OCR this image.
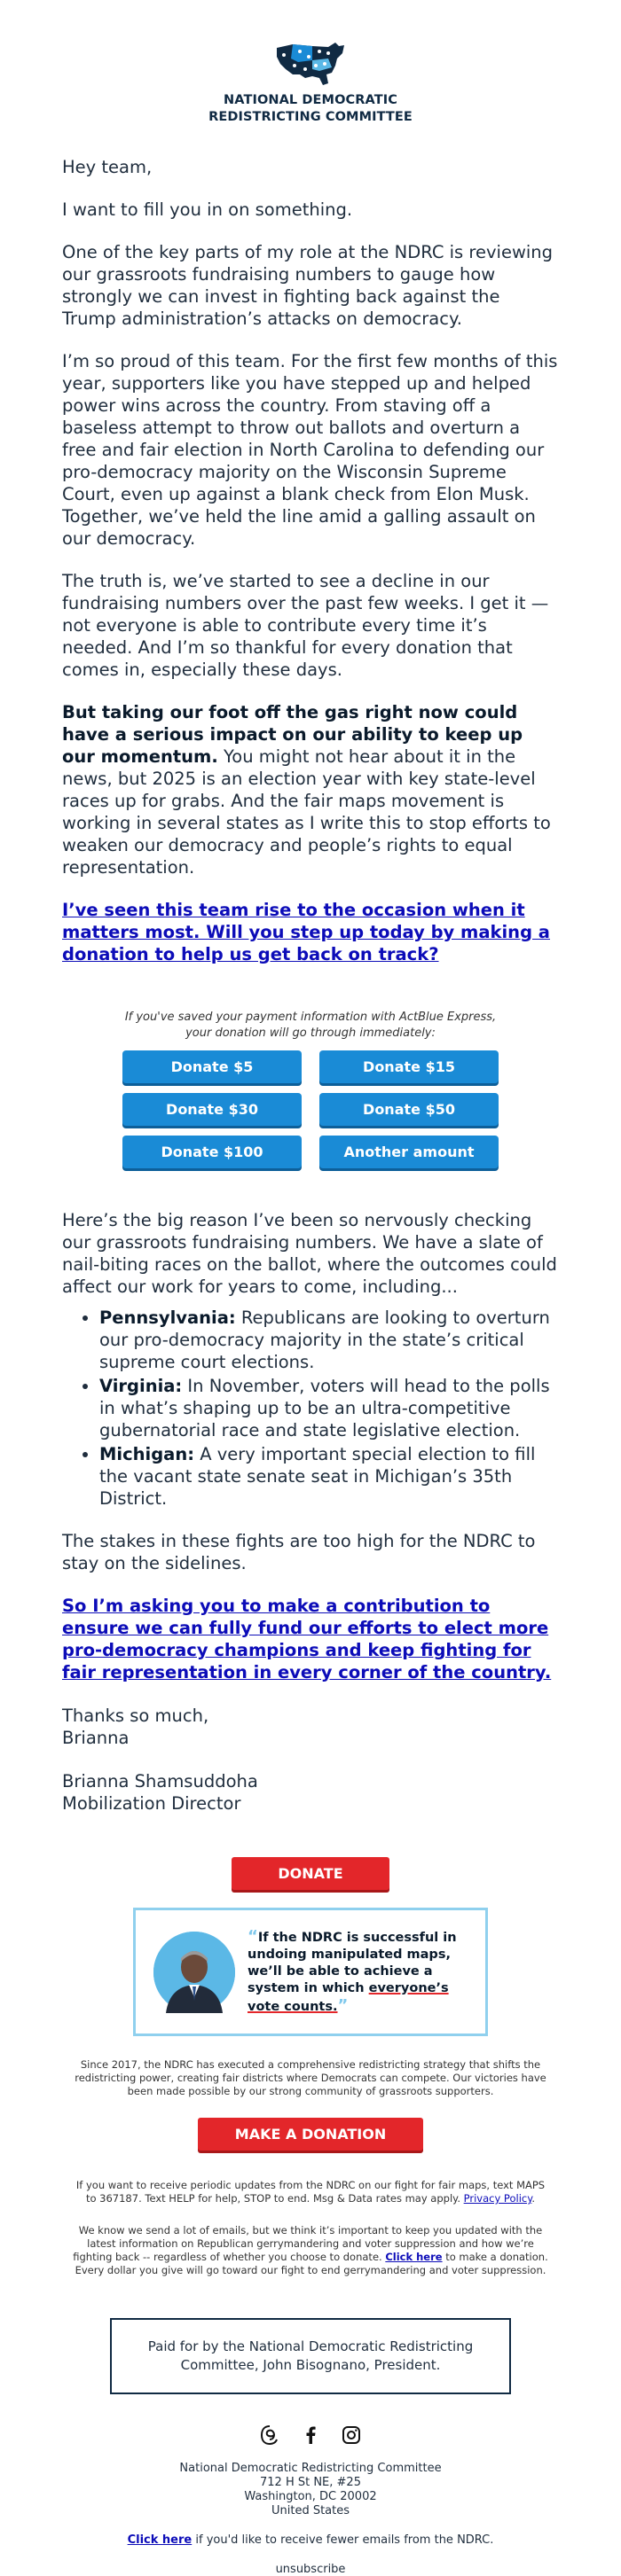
NATIONAL DEMOCRATIC
REDISTRICTING COMMITTEE

Hey team,

I want to fill you in on something.

One of the key parts of my role at the NDRC is reviewing our grassroots fundraising numbers to gauge how strongly we can invest in fighting back against the Trump administration’s attacks on democracy.

I’m so proud of this team. For the first few months of this year, supporters like you have stepped up and helped power wins across the country. From staving off a baseless attempt to throw out ballots and overturn a free and fair election in North Carolina to defending our pro-democracy majority on the Wisconsin Supreme Court, even up against a blank check from Elon Musk. Together, we’ve held the line amid a galling assault on our democracy.

The truth is, we’ve started to see a decline in our fundraising numbers over the past few weeks. I get it — not everyone is able to contribute every time it’s needed. And I’m so thankful for every donation that comes in, especially these days.

But taking our foot off the gas right now could have a serious impact on our ability to keep up our momentum. You might not hear about it in the news, but 2025 is an election year with key state-level races up for grabs. And the fair maps movement is working in several states as I write this to stop efforts to weaken our democracy and people’s rights to equal representation.

I’ve seen this team rise to the occasion when it matters most. Will you step up today by making a donation to help us get back on track?

If you've saved your payment information with ActBlue Express, your donation will go through immediately:
Donate $5	Donate $15
Donate $30	Donate $50
Donate $100	Another amount

Here’s the big reason I’ve been so nervously checking our grassroots fundraising numbers. We have a slate of nail-biting races on the ballot, where the outcomes could affect our work for years to come, including...

• Pennsylvania: Republicans are looking to overturn our pro-democracy majority in the state’s critical supreme court elections.
• Virginia: In November, voters will head to the polls in what’s shaping up to be an ultra-competitive gubernatorial race and state legislative election.
• Michigan: A very important special election to fill the vacant state senate seat in Michigan’s 35th District.

The stakes in these fights are too high for the NDRC to stay on the sidelines.

So I’m asking you to make a contribution to ensure we can fully fund our efforts to elect more pro-democracy champions and keep fighting for fair representation in every corner of the country.

Thanks so much,
Brianna

Brianna Shamsuddoha
Mobilization Director

DONATE
“If the NDRC is successful in undoing manipulated maps, we’ll be able to achieve a system in which everyone’s vote counts.”
Since 2017, the NDRC has executed a comprehensive redistricting strategy that shifts the redistricting power, creating fair districts where Democrats can compete. Our victories have been made possible by our strong community of grassroots supporters.
MAKE A DONATION
If you want to receive periodic updates from the NDRC on our fight for fair maps, text MAPS to 367187. Text HELP for help, STOP to end. Msg & Data rates may apply. Privacy Policy.
We know we send a lot of emails, but we think it’s important to keep you updated with the latest information on Republican gerrymandering and voter suppression and how we’re fighting back -- regardless of whether you choose to donate. Click here to make a donation. Every dollar you give will go toward our fight to end gerrymandering and voter suppression.
Paid for by the National Democratic Redistricting Committee, John Bisognano, President.
National Democratic Redistricting Committee
712 H St NE, #25
Washington, DC 20002
United States
Click here if you'd like to receive fewer emails from the NDRC.
unsubscribe
